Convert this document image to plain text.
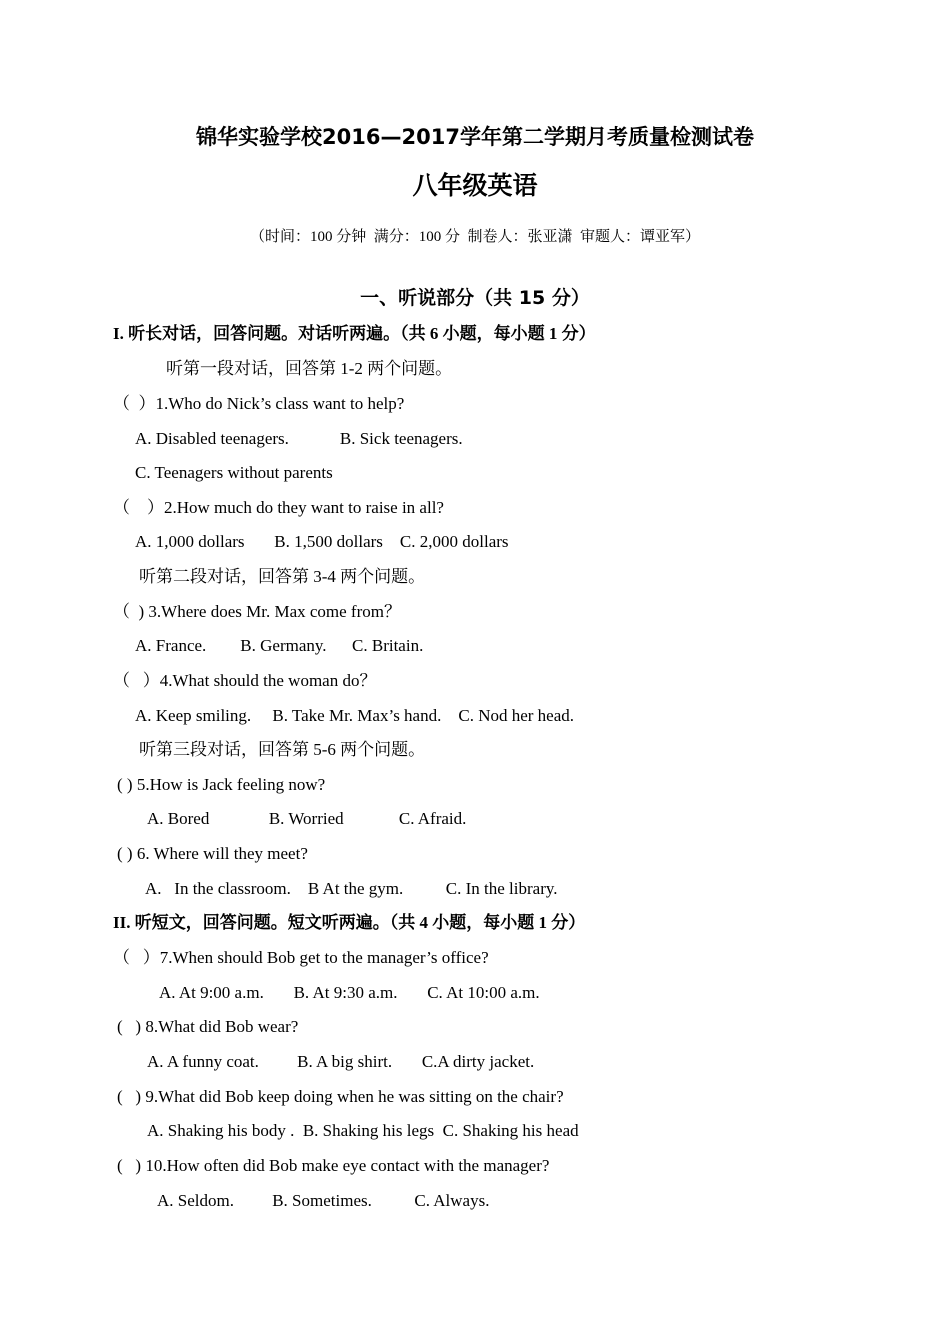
锦华实验学校2016—2017学年第二学期月考质量检测试卷
八年级英语
（时间：100 分钟  满分：100 分  制卷人：张亚潇  审题人：谭亚军）
一、听说部分（共 15 分）
I. 听长对话，回答问题。对话听两遍。（共 6 小题，每小题 1 分）
听第一段对话，回答第 1-2 两个问题。
（  ）1.Who do Nick’s class want to help?
A. Disabled teenagers.            B. Sick teenagers.
C. Teenagers without parents
（    ）2.How much do they want to raise in all?
A. 1,000 dollars       B. 1,500 dollars    C. 2,000 dollars
听第二段对话，回答第 3-4 两个问题。
（  ) 3.Where does Mr. Max come from？
A. France.        B. Germany.      C. Britain.
（   ）4.What should the woman do？
A. Keep smiling.     B. Take Mr. Max’s hand.    C. Nod her head.
听第三段对话，回答第 5-6 两个问题。
( ) 5.How is Jack feeling now?
A. Bored              B. Worried             C. Afraid.
( ) 6. Where will they meet?
A.   In the classroom.    B At the gym.          C. In the library.
II. 听短文，回答问题。短文听两遍。（共 4 小题，每小题 1 分）
（   ）7.When should Bob get to the manager’s office?
A. At 9:00 a.m.       B. At 9:30 a.m.       C. At 10:00 a.m.
(   ) 8.What did Bob wear?
A. A funny coat.         B. A big shirt.       C.A dirty jacket.
(   ) 9.What did Bob keep doing when he was sitting on the chair?
A. Shaking his body .  B. Shaking his legs  C. Shaking his head
(   ) 10.How often did Bob make eye contact with the manager?
A. Seldom.         B. Sometimes.          C. Always.
